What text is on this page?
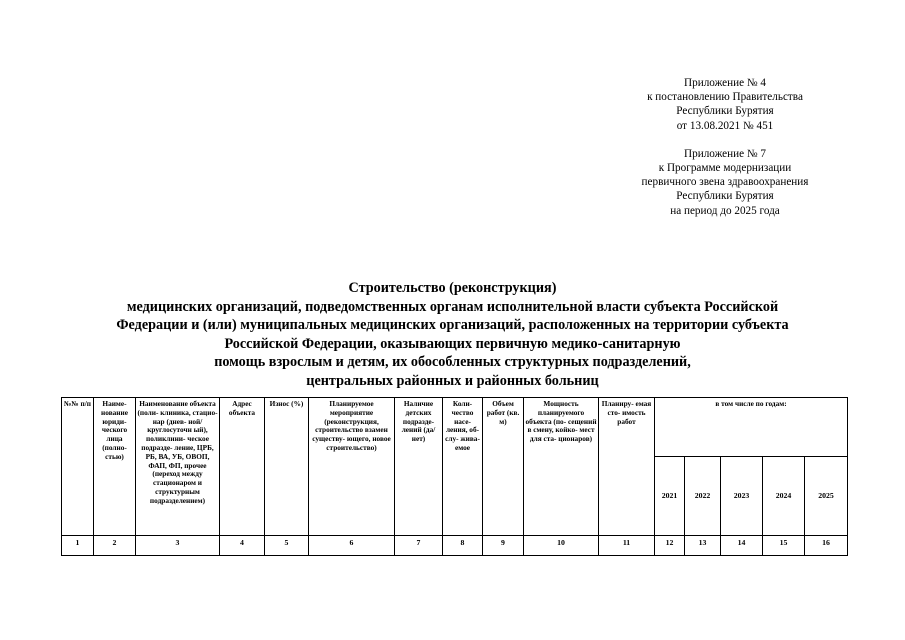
Приложение № 4
к постановлению Правительства
Республики Бурятия
от 13.08.2021 № 451
Приложение № 7
к Программе модернизации
первичного звена здравоохранения
Республики Бурятия
на период до 2025 года
Строительство (реконструкция)
медицинских организаций, подведомственных органам исполнительной власти субъекта Российской
Федерации и (или) муниципальных медицинских организаций, расположенных на территории субъекта
Российской Федерации, оказывающих первичную медико-санитарную
помощь взрослым и детям, их обособленных структурных подразделений,
центральных районных и районных больниц
№№ п/п	Наиме- нование юриди- ческого лица (полно- стью)	Наименование объекта (поли- клиника, стацио- нар (днев- ной/круглосуточн ый), поликлини- ческое подразде- ление, ЦРБ, РБ, ВА, УБ, ОВОП, ФАП, ФП, прочее (переход между стационаром и структурным подразделением)	Адрес объекта	Износ (%)	Планируемое мероприятие (реконструкция, строительство взамен существу- ющего, новое строительство)	Наличие детских подразде- лений (да/нет)	Коли- чество насе- ления, об- слу- жива- емое	Объем работ (кв. м)	Мощность планируемого объекта (по- сещений в смену, койко- мест для ста- ционаров)	Планиру- емая сто- имость работ	в том числе по годам:				
											2021	2022	2023	2024	2025
1	2	3	4	5	6	7	8	9	10	11	12	13	14	15	16
